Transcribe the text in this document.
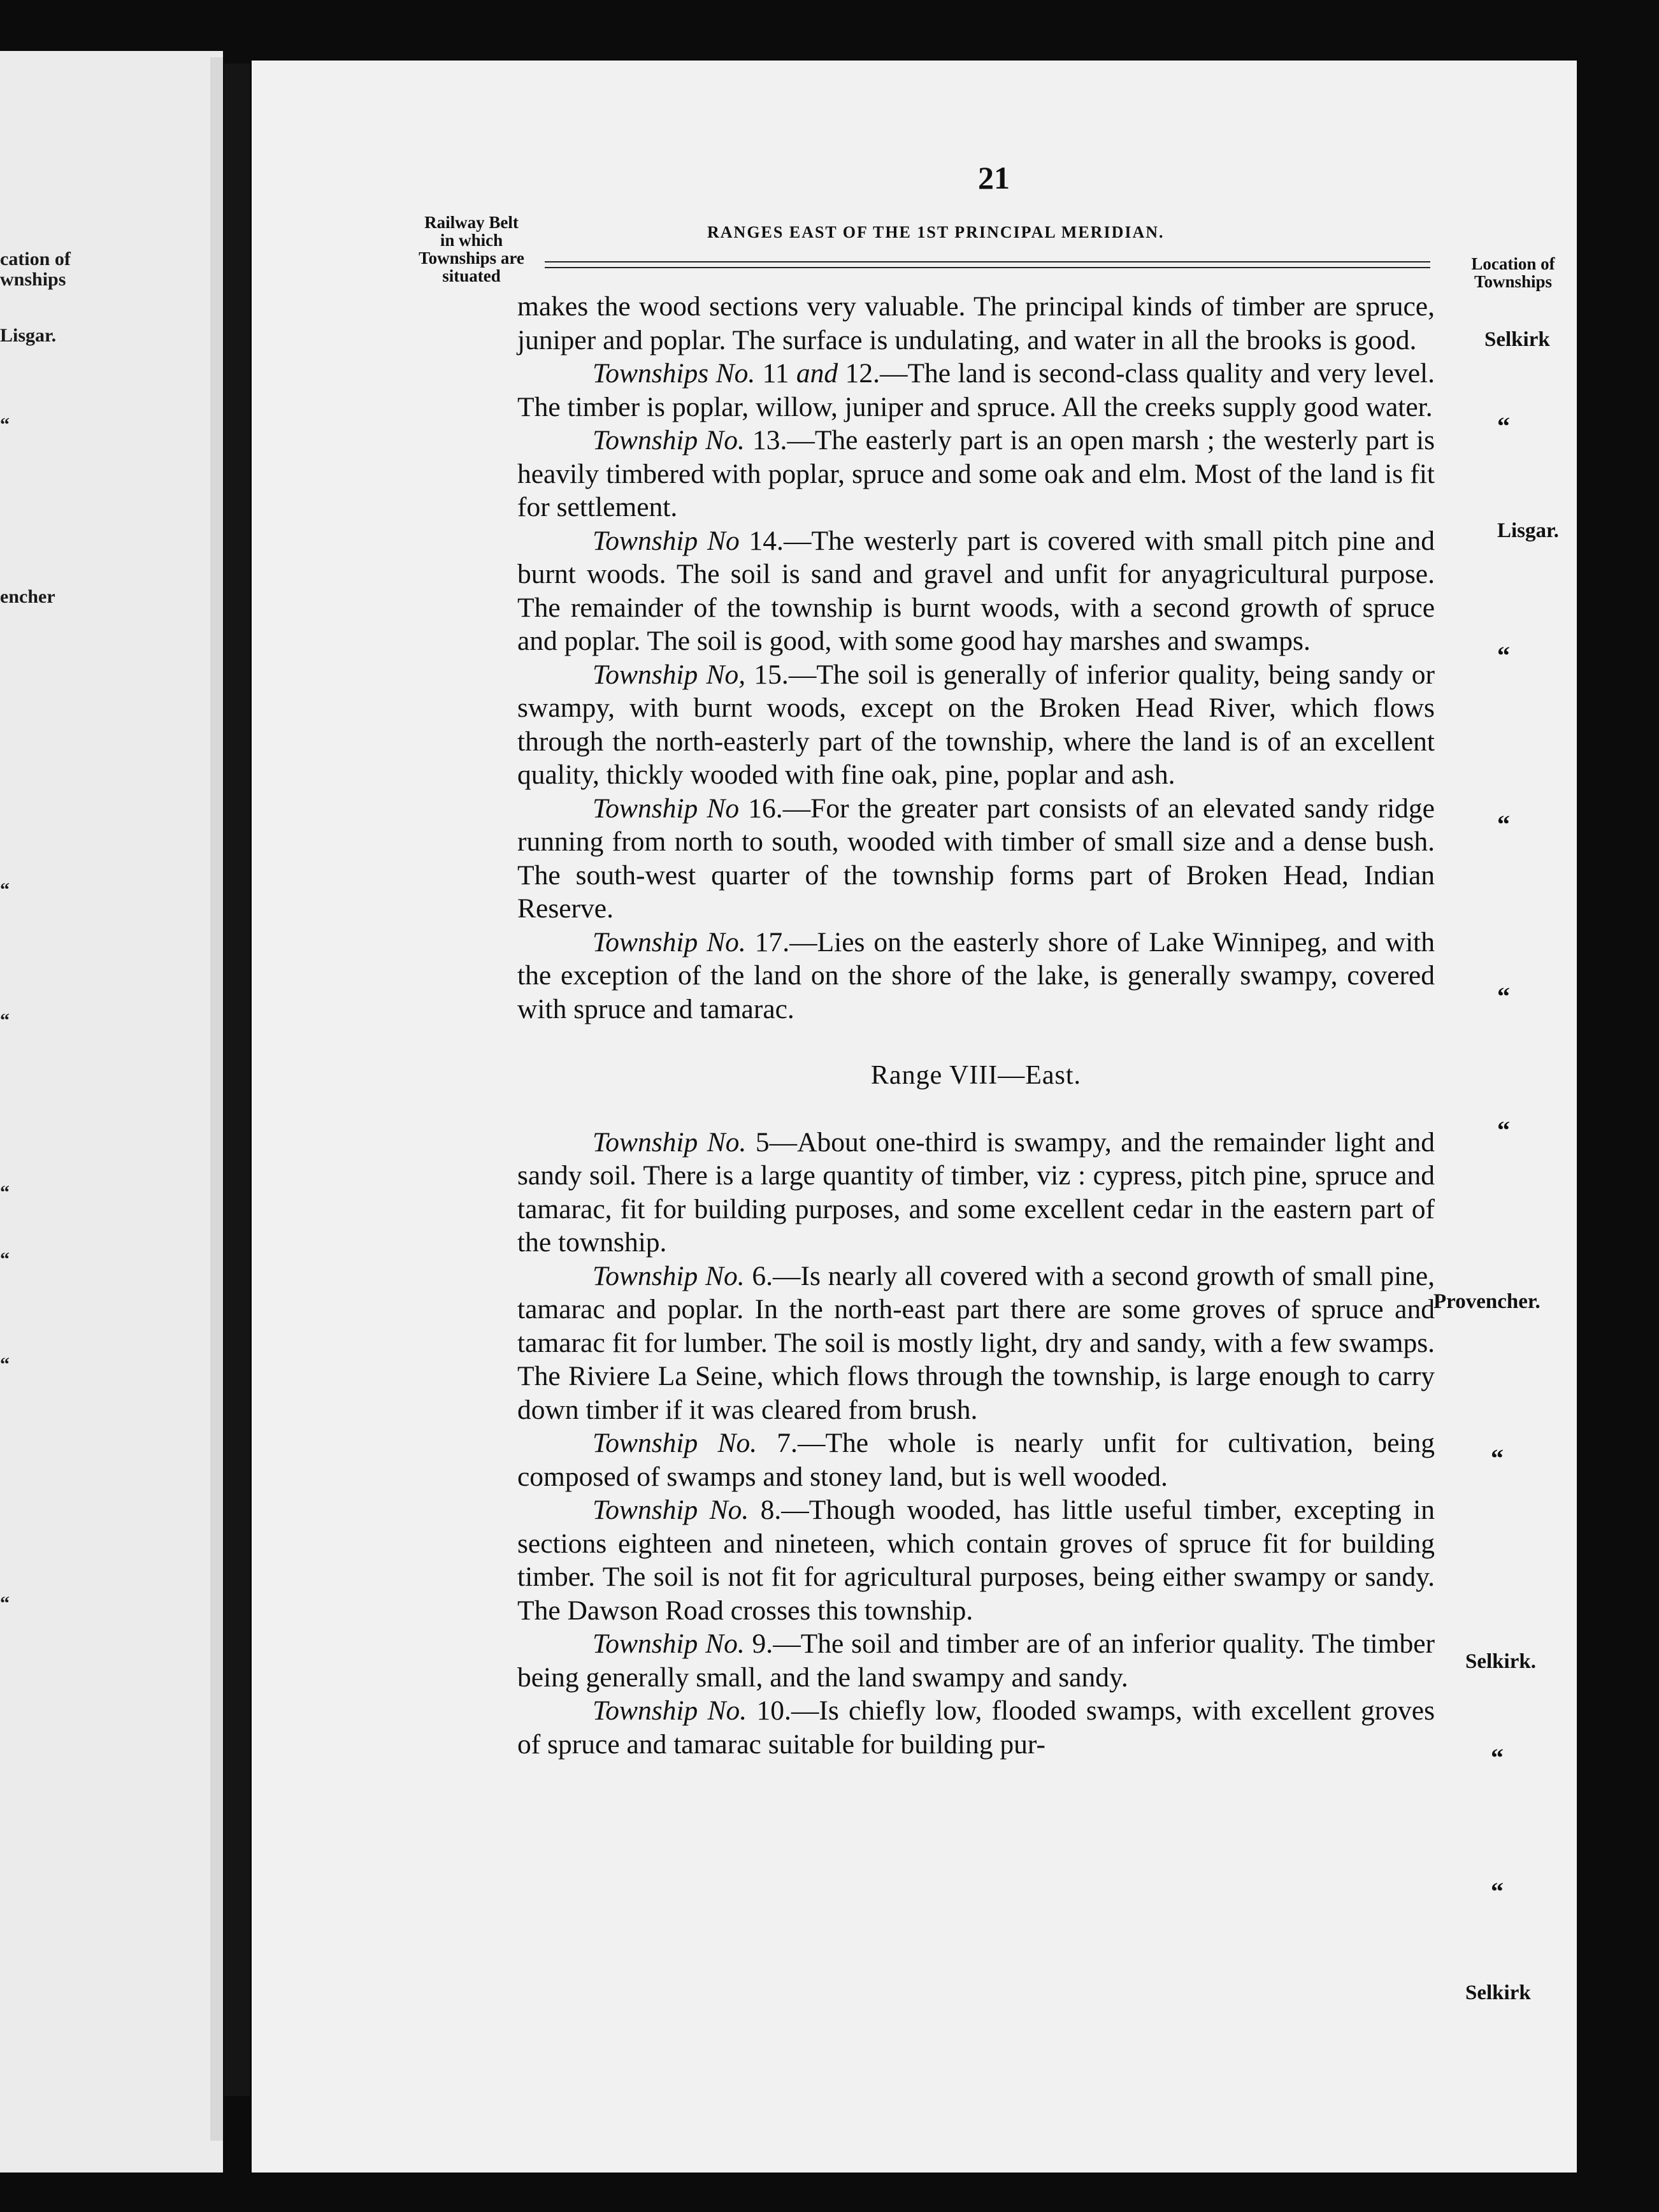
cation of
wnships
Lisgar.
“
encher
“
“
“
“
“
“
21
Railway Belt
in which
Townships are
situated
RANGES EAST OF THE 1ST PRINCIPAL MERIDIAN.
Location of
Townships

makes the wood sections very valuable. The principal kinds of timber are spruce, juniper and poplar. The surface is undulating, and water in all the brooks is good.

Townships No. 11 and 12.—The land is second-class quality and very level. The timber is poplar, willow, juniper and spruce. All the creeks supply good water.

Township No. 13.—The easterly part is an open marsh ; the westerly part is heavily timbered with poplar, spruce and some oak and elm. Most of the land is fit for settlement.

Township No 14.—The westerly part is covered with small pitch pine and burnt woods. The soil is sand and gravel and unfit for anyagricultural purpose. The remainder of the township is burnt woods, with a second growth of spruce and poplar. The soil is good, with some good hay marshes and swamps.

Township No, 15.—The soil is generally of inferior quality, being sandy or swampy, with burnt woods, except on the Broken Head River, which flows through the north-easterly part of the township, where the land is of an excellent quality, thickly wooded with fine oak, pine, poplar and ash.

Township No 16.—For the greater part consists of an elevated sandy ridge running from north to south, wooded with timber of small size and a dense bush. The south-west quarter of the township forms part of Broken Head, Indian Reserve.

Township No. 17.—Lies on the easterly shore of Lake Winnipeg, and with the exception of the land on the shore of the lake, is generally swampy, covered with spruce and tamarac.

Range VIII—East.

Township No. 5—About one-third is swampy, and the remainder light and sandy soil. There is a large quantity of timber, viz : cypress, pitch pine, spruce and tamarac, fit for building purposes, and some excellent cedar in the eastern part of the township.

Township No. 6.—Is nearly all covered with a second growth of small pine, tamarac and poplar. In the north-east part there are some groves of spruce and tamarac fit for lumber. The soil is mostly light, dry and sandy, with a few swamps. The Riviere La Seine, which flows through the township, is large enough to carry down timber if it was cleared from brush.

Township No. 7.—The whole is nearly unfit for cultivation, being composed of swamps and stoney land, but is well wooded.

Township No. 8.—Though wooded, has little useful timber, excepting in sections eighteen and nineteen, which contain groves of spruce fit for building timber. The soil is not fit for agricultural purposes, being either swampy or sandy. The Dawson Road crosses this township.

Township No. 9.—The soil and timber are of an inferior quality. The timber being generally small, and the land swampy and sandy.

Township No. 10.—Is chiefly low, flooded swamps, with excellent groves of spruce and tamarac suitable for building pur-

Selkirk
“
Lisgar.
“
“
“
“
Provencher.
“
Selkirk.
“
“
Selkirk
